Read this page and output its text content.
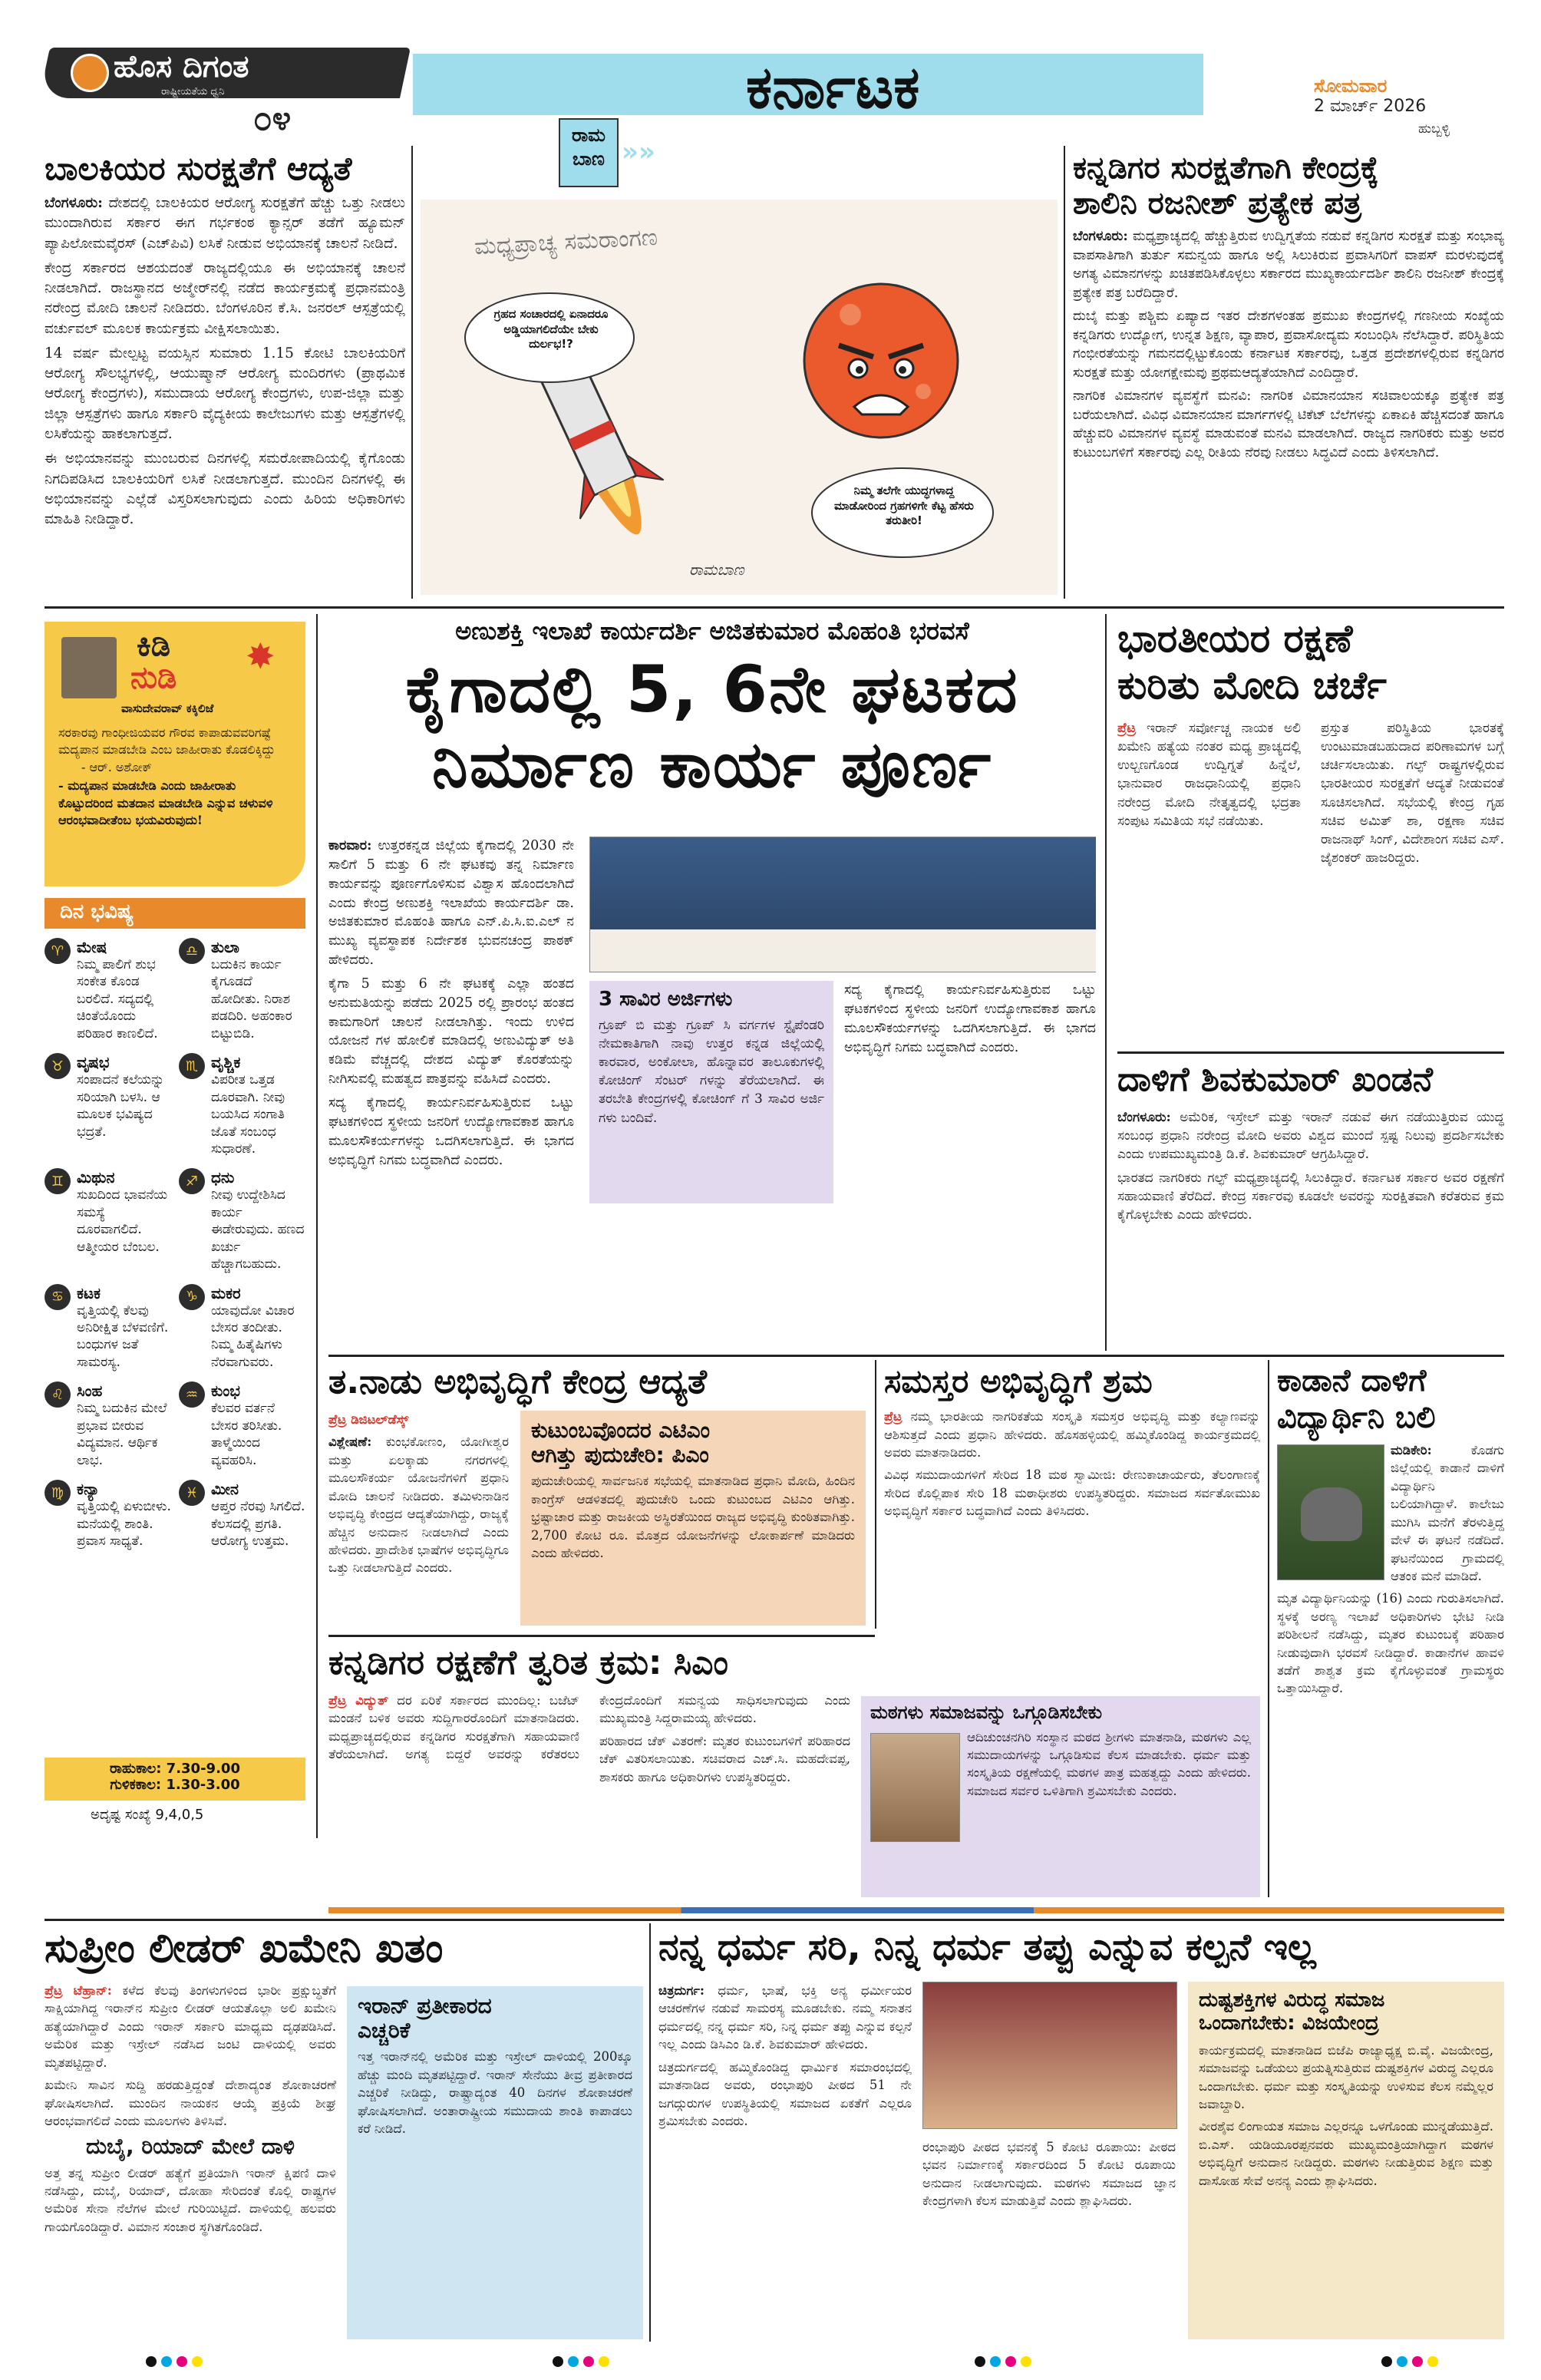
ಹೊಸ ದಿಗಂತ
ರಾಷ್ಟ್ರೀಯತೆಯ ಧ್ವನಿ
೦೪	ಕರ್ನಾಟಕ	ಸೋಮವಾರ
2 ಮಾರ್ಚ್ 2026
ಹುಬ್ಬಳ್ಳಿ
ಬಾಲಕಿಯರ ಸುರಕ್ಷತೆಗೆ ಆದ್ಯತೆ

ಬೆಂಗಳೂರು: ದೇಶದಲ್ಲಿ ಬಾಲಕಿಯರ ಆರೋಗ್ಯ ಸುರಕ್ಷತೆಗೆ ಹೆಚ್ಚು ಒತ್ತು ನೀಡಲು ಮುಂದಾಗಿರುವ ಸರ್ಕಾರ ಈಗ ಗರ್ಭಕಂಠ ಕ್ಯಾನ್ಸರ್ ತಡೆಗೆ ಹ್ಯೂಮನ್ ಪ್ಯಾಪಿಲೋಮವೈರಸ್ (ಎಚ್‌ಪಿವಿ) ಲಸಿಕೆ ನೀಡುವ ಅಭಿಯಾನಕ್ಕೆ ಚಾಲನೆ ನೀಡಿದೆ.

ಕೇಂದ್ರ ಸರ್ಕಾರದ ಆಶಯದಂತೆ ರಾಜ್ಯದಲ್ಲಿಯೂ ಈ ಅಭಿಯಾನಕ್ಕೆ ಚಾಲನೆ ನೀಡಲಾಗಿದೆ. ರಾಜಸ್ಥಾನದ ಅಜ್ಮೇರ್‌ನಲ್ಲಿ ನಡೆದ ಕಾರ್ಯಕ್ರಮಕ್ಕೆ ಪ್ರಧಾನಮಂತ್ರಿ ನರೇಂದ್ರ ಮೋದಿ ಚಾಲನೆ ನೀಡಿದರು. ಬೆಂಗಳೂರಿನ ಕೆ.ಸಿ. ಜನರಲ್ ಆಸ್ಪತ್ರೆಯಲ್ಲಿ ವರ್ಚುವಲ್ ಮೂಲಕ ಕಾರ್ಯಕ್ರಮ ವೀಕ್ಷಿಸಲಾಯಿತು.

14 ವರ್ಷ ಮೇಲ್ಪಟ್ಟ ವಯಸ್ಸಿನ ಸುಮಾರು 1.15 ಕೋಟಿ ಬಾಲಕಿಯರಿಗೆ ಆರೋಗ್ಯ ಸೌಲಭ್ಯಗಳಲ್ಲಿ, ಆಯುಷ್ಮಾನ್ ಆರೋಗ್ಯ ಮಂದಿರಗಳು (ಪ್ರಾಥಮಿಕ ಆರೋಗ್ಯ ಕೇಂದ್ರಗಳು), ಸಮುದಾಯ ಆರೋಗ್ಯ ಕೇಂದ್ರಗಳು, ಉಪ-ಜಿಲ್ಲಾ ಮತ್ತು ಜಿಲ್ಲಾ ಆಸ್ಪತ್ರೆಗಳು ಹಾಗೂ ಸರ್ಕಾರಿ ವೈದ್ಯಕೀಯ ಕಾಲೇಜುಗಳು ಮತ್ತು ಆಸ್ಪತ್ರೆಗಳಲ್ಲಿ ಲಸಿಕೆಯನ್ನು ಹಾಕಲಾಗುತ್ತದೆ.

ಈ ಅಭಿಯಾನವನ್ನು ಮುಂಬರುವ ದಿನಗಳಲ್ಲಿ ಸಮರೋಪಾದಿಯಲ್ಲಿ ಕೈಗೊಂಡು ನಿಗದಿಪಡಿಸಿದ ಬಾಲಕಿಯರಿಗೆ ಲಸಿಕೆ ನೀಡಲಾಗುತ್ತದೆ. ಮುಂದಿನ ದಿನಗಳಲ್ಲಿ ಈ ಅಭಿಯಾನವನ್ನು ಎಲ್ಲೆಡೆ ವಿಸ್ತರಿಸಲಾಗುವುದು ಎಂದು ಹಿರಿಯ ಅಧಿಕಾರಿಗಳು ಮಾಹಿತಿ ನೀಡಿದ್ದಾರೆ.

ರಾಮ
ಬಾಣ »»
ಮಧ್ಯಪ್ರಾಚ್ಯ ಸಮರಾಂಗಣ
ಗ್ರಹದ ಸಂಚಾರದಲ್ಲಿ ಏನಾದರೂ ಅಡ್ಡಿಯಾಗಲಿದೆಯೇ ಬೇಕು ದುರ್ಲಭ!?
ನಿಮ್ಮ ತಲೆಗೇ ಯುದ್ಧಗಳಾದ್ದ ಮಾಡೋರಿಂದ ಗ್ರಹಗಳಿಗೇ ಕೆಟ್ಟ ಹೆಸರು ತರುತೀರಿ!
ರಾಮಬಾಣ
ಕನ್ನಡಿಗರ ಸುರಕ್ಷತೆಗಾಗಿ ಕೇಂದ್ರಕ್ಕೆ
ಶಾಲಿನಿ ರಜನೀಶ್ ಪ್ರತ್ಯೇಕ ಪತ್ರ

ಬೆಂಗಳೂರು: ಮಧ್ಯಪ್ರಾಚ್ಯದಲ್ಲಿ ಹೆಚ್ಚುತ್ತಿರುವ ಉದ್ವಿಗ್ನತೆಯ ನಡುವೆ ಕನ್ನಡಿಗರ ಸುರಕ್ಷತೆ ಮತ್ತು ಸಂಭಾವ್ಯ ವಾಪಸಾತಿಗಾಗಿ ತುರ್ತು ಸಮನ್ವಯ ಹಾಗೂ ಅಲ್ಲಿ ಸಿಲುಕಿರುವ ಪ್ರವಾಸಿಗರಿಗೆ ವಾಪಸ್ ಮರಳುವುದಕ್ಕೆ ಅಗತ್ಯ ವಿಮಾನಗಳನ್ನು ಖಚಿತಪಡಿಸಿಕೊಳ್ಳಲು ಸರ್ಕಾರದ ಮುಖ್ಯಕಾರ್ಯದರ್ಶಿ ಶಾಲಿನಿ ರಜನೀಶ್ ಕೇಂದ್ರಕ್ಕೆ ಪ್ರತ್ಯೇಕ ಪತ್ರ ಬರೆದಿದ್ದಾರೆ.

ದುಬೈ ಮತ್ತು ಪಶ್ಚಿಮ ಏಷ್ಯಾದ ಇತರ ದೇಶಗಳಂತಹ ಪ್ರಮುಖ ಕೇಂದ್ರಗಳಲ್ಲಿ ಗಣನೀಯ ಸಂಖ್ಯೆಯ ಕನ್ನಡಿಗರು ಉದ್ಯೋಗ, ಉನ್ನತ ಶಿಕ್ಷಣ, ವ್ಯಾಪಾರ, ಪ್ರವಾಸೋದ್ಯಮ ಸಂಬಂಧಿಸಿ ನೆಲೆಸಿದ್ದಾರೆ. ಪರಿಸ್ಥಿತಿಯ ಗಂಭೀರತೆಯನ್ನು ಗಮನದಲ್ಲಿಟ್ಟುಕೊಂಡು ಕರ್ನಾಟಕ ಸರ್ಕಾರವು, ಒತ್ತಡ ಪ್ರದೇಶಗಳಲ್ಲಿರುವ ಕನ್ನಡಿಗರ ಸುರಕ್ಷತೆ ಮತ್ತು ಯೋಗಕ್ಷೇಮವು ಪ್ರಥಮಆದ್ಯತೆಯಾಗಿದೆ ಎಂದಿದ್ದಾರೆ.

ನಾಗರಿಕ ವಿಮಾನಗಳ ವ್ಯವಸ್ಥೆಗೆ ಮನವಿ: ನಾಗರಿಕ ವಿಮಾನಯಾನ ಸಚಿವಾಲಯಕ್ಕೂ ಪ್ರತ್ಯೇಕ ಪತ್ರ ಬರೆಯಲಾಗಿದೆ. ವಿವಿಧ ವಿಮಾನಯಾನ ಮಾರ್ಗಗಳಲ್ಲಿ ಟಿಕೆಟ್ ಬೆಲೆಗಳನ್ನು ಏಕಾಏಕಿ ಹೆಚ್ಚಿಸದಂತೆ ಹಾಗೂ ಹೆಚ್ಚುವರಿ ವಿಮಾನಗಳ ವ್ಯವಸ್ಥೆ ಮಾಡುವಂತೆ ಮನವಿ ಮಾಡಲಾಗಿದೆ. ರಾಜ್ಯದ ನಾಗರಿಕರು ಮತ್ತು ಅವರ ಕುಟುಂಬಗಳಿಗೆ ಸರ್ಕಾರವು ಎಲ್ಲ ರೀತಿಯ ನೆರವು ನೀಡಲು ಸಿದ್ಧವಿದೆ ಎಂದು ತಿಳಿಸಲಾಗಿದೆ.

ಕಿಡಿ
ನುಡಿ
✸
ವಾಸುದೇವರಾವ್ ಕಕ್ಕಿಲಿಜೆ
ಸರಕಾರವು ಗಾಂಧೀಜಿಯವರ ಗೌರವ ಕಾಪಾಡುವವರಿಗಷ್ಟೆ ಮದ್ಯಪಾನ ಮಾಡಬೇಡಿ ಎಂಬ ಜಾಹೀರಾತು ಕೊಡಲಿಕ್ಕಿದ್ದು
- ಆರ್. ಅಶೋಕ್
- ಮದ್ಯಪಾನ ಮಾಡಬೇಡಿ ಎಂದು ಜಾಹೀರಾತು ಕೊಟ್ಟುದರಿಂದ ಮತದಾನ ಮಾಡಬೇಡಿ ಎನ್ನುವ ಚಳುವಳಿ ಆರಂಭವಾದೀತೆಂಬ ಭಯವಿರುವುದು!
ದಿನ ಭವಿಷ್ಯ
♈ ಮೇಷ
ನಿಮ್ಮ ಪಾಲಿಗೆ ಶುಭ ಸಂಕೇತ ಕೊಂಡ ಬರಲಿದೆ. ಸದ್ಯದಲ್ಲಿ ಚಿಂತೆಯೊಂದು ಪರಿಹಾರ ಕಾಣಲಿದೆ.
♎ ತುಲಾ
ಬದುಕಿನ ಕಾರ್ಯ ಕೈಗೂಡದೆ ಹೋದೀತು. ನಿರಾಶ ಪಡದಿರಿ. ಅಹಂಕಾರ ಬಿಟ್ಟುಬಿಡಿ.
♉ ವೃಷಭ
ಸಂಪಾದನೆ ಕಲೆಯನ್ನು ಸರಿಯಾಗಿ ಬಳಸಿ. ಆ ಮೂಲಕ ಭವಿಷ್ಯದ ಭದ್ರತೆ.
♏ ವೃಶ್ಚಿಕ
ವಿಪರೀತ ಒತ್ತಡ ದೂರವಾಗಿ. ನೀವು ಬಯಸಿದ ಸಂಗಾತಿ ಜೊತೆ ಸಂಬಂಧ ಸುಧಾರಣೆ.
♊ ಮಿಥುನ
ಸುಖದಿಂದ ಭಾವನೆಯ ಸಮಸ್ಯೆ ದೂರವಾಗಲಿದೆ. ಆತ್ಮೀಯರ ಬೆಂಬಲ.
♐ ಧನು
ನೀವು ಉದ್ದೇಶಿಸಿದ ಕಾರ್ಯ ಈಡೇರುವುದು. ಹಣದ ಖರ್ಚು ಹೆಚ್ಚಾಗಬಹುದು.
♋ ಕಟಕ
ವೃತ್ತಿಯಲ್ಲಿ ಕೆಲವು ಅನಿರೀಕ್ಷಿತ ಬೆಳವಣಿಗೆ. ಬಂಧುಗಳ ಜತೆ ಸಾಮರಸ್ಯ.
♑ ಮಕರ
ಯಾವುದೋ ವಿಚಾರ ಬೇಸರ ತಂದೀತು. ನಿಮ್ಮ ಹಿತೈಷಿಗಳು ನೆರವಾಗುವರು.
♌ ಸಿಂಹ
ನಿಮ್ಮ ಬದುಕಿನ ಮೇಲೆ ಪ್ರಭಾವ ಬೀರುವ ವಿದ್ಯಮಾನ. ಆರ್ಥಿಕ ಲಾಭ.
♒ ಕುಂಭ
ಕೆಲವರ ವರ್ತನೆ ಬೇಸರ ತರಿಸೀತು. ತಾಳ್ಮೆಯಿಂದ ವ್ಯವಹರಿಸಿ.
♍ ಕನ್ಯಾ
ವೃತ್ತಿಯಲ್ಲಿ ಏಳುಬೀಳು. ಮನೆಯಲ್ಲಿ ಶಾಂತಿ. ಪ್ರವಾಸ ಸಾಧ್ಯತೆ.
♓ ಮೀನ
ಆಪ್ತರ ನೆರವು ಸಿಗಲಿದೆ. ಕೆಲಸದಲ್ಲಿ ಪ್ರಗತಿ. ಆರೋಗ್ಯ ಉತ್ತಮ.
ರಾಹುಕಾಲ: 7.30-9.00
ಗುಳಿಕಕಾಲ: 1.30-3.00
ಅದೃಷ್ಟ ಸಂಖ್ಯೆ 9,4,0,5
ಅಣುಶಕ್ತಿ ಇಲಾಖೆ ಕಾರ್ಯದರ್ಶಿ ಅಜಿತಕುಮಾರ ಮೊಹಂತಿ ಭರವಸೆ
ಕೈಗಾದಲ್ಲಿ 5, 6ನೇ ಘಟಕದ
ನಿರ್ಮಾಣ ಕಾರ್ಯ ಪೂರ್ಣ

ಕಾರವಾರ: ಉತ್ತರಕನ್ನಡ ಜಿಲ್ಲೆಯ ಕೈಗಾದಲ್ಲಿ 2030 ನೇ ಸಾಲಿಗೆ 5 ಮತ್ತು 6 ನೇ ಘಟಕವು ತನ್ನ ನಿರ್ಮಾಣ ಕಾರ್ಯವನ್ನು ಪೂರ್ಣಗೊಳಿಸುವ ವಿಶ್ವಾಸ ಹೊಂದಲಾಗಿದೆ ಎಂದು ಕೇಂದ್ರ ಅಣುಶಕ್ತಿ ಇಲಾಖೆಯ ಕಾರ್ಯದರ್ಶಿ ಡಾ. ಅಜಿತಕುಮಾರ ಮೊಹಂತಿ ಹಾಗೂ ಎನ್.ಪಿ.ಸಿ.ಐ.ಎಲ್ ನ ಮುಖ್ಯ ವ್ಯವಸ್ಥಾಪಕ ನಿರ್ದೇಶಕ ಭುವನಚಂದ್ರ ಪಾಠಕ್ ಹೇಳಿದರು.

ಕೈಗಾ 5 ಮತ್ತು 6 ನೇ ಘಟಕಕ್ಕೆ ಎಲ್ಲಾ ಹಂತದ ಅನುಮತಿಯನ್ನು ಪಡೆದು 2025 ರಲ್ಲಿ ಪ್ರಾರಂಭ ಹಂತದ ಕಾಮಗಾರಿಗೆ ಚಾಲನೆ ನೀಡಲಾಗಿತ್ತು. ಇಂದು ಉಳಿದ ಯೋಜನೆ ಗಳ ಹೋಲಿಕೆ ಮಾಡಿದಲ್ಲಿ ಅಣುವಿದ್ಯುತ್ ಅತಿ ಕಡಿಮೆ ವೆಚ್ಚದಲ್ಲಿ ದೇಶದ ವಿದ್ಯುತ್ ಕೊರತೆಯನ್ನು ನೀಗಿಸುವಲ್ಲಿ ಮಹತ್ವದ ಪಾತ್ರವನ್ನು ವಹಿಸಿದೆ ಎಂದರು.

ಸದ್ಯ ಕೈಗಾದಲ್ಲಿ ಕಾರ್ಯನಿರ್ವಹಿಸುತ್ತಿರುವ ಒಟ್ಟು ಘಟಕಗಳಿಂದ ಸ್ಥಳೀಯ ಜನರಿಗೆ ಉದ್ಯೋಗಾವಕಾಶ ಹಾಗೂ ಮೂಲಸೌಕರ್ಯಗಳನ್ನು ಒದಗಿಸಲಾಗುತ್ತಿದೆ. ಈ ಭಾಗದ ಅಭಿವೃದ್ಧಿಗೆ ನಿಗಮ ಬದ್ಧವಾಗಿದೆ ಎಂದರು.

3 ಸಾವಿರ ಅರ್ಜಿಗಳು
ಗ್ರೂಪ್ ಬಿ ಮತ್ತು ಗ್ರೂಪ್ ಸಿ ವರ್ಗಗಳ ಸ್ಟೈಪೆಂಡರಿ ನೇಮಕಾತಿಗಾಗಿ ನಾವು ಉತ್ತರ ಕನ್ನಡ ಜಿಲ್ಲೆಯಲ್ಲಿ ಕಾರವಾರ, ಅಂಕೋಲಾ, ಹೊನ್ನಾವರ ತಾಲೂಕುಗಳಲ್ಲಿ ಕೋಚಿಂಗ್ ಸೆಂಟರ್ ಗಳನ್ನು ತೆರೆಯಲಾಗಿದೆ. ಈ ತರಬೇತಿ ಕೇಂದ್ರಗಳಲ್ಲಿ ಕೋಚಿಂಗ್ ಗೆ 3 ಸಾವಿರ ಅರ್ಜಿ ಗಳು ಬಂದಿವೆ.
ಸದ್ಯ ಕೈಗಾದಲ್ಲಿ ಕಾರ್ಯನಿರ್ವಹಿಸುತ್ತಿರುವ ಒಟ್ಟು ಘಟಕಗಳಿಂದ ಸ್ಥಳೀಯ ಜನರಿಗೆ ಉದ್ಯೋಗಾವಕಾಶ ಹಾಗೂ ಮೂಲಸೌಕರ್ಯಗಳನ್ನು ಒದಗಿಸಲಾಗುತ್ತಿದೆ. ಈ ಭಾಗದ ಅಭಿವೃದ್ಧಿಗೆ ನಿಗಮ ಬದ್ಧವಾಗಿದೆ ಎಂದರು.
ಭಾರತೀಯರ ರಕ್ಷಣೆ
ಕುರಿತು ಮೋದಿ ಚರ್ಚೆ

ಪ್ರೆಟ್ರ ಇರಾನ್ ಸರ್ವೋಚ್ಚ ನಾಯಕ ಅಲಿ ಖಮೇನಿ ಹತ್ಯೆಯ ನಂತರ ಮಧ್ಯ ಪ್ರಾಚ್ಯದಲ್ಲಿ ಉಲ್ಬಣಗೊಂಡ ಉದ್ವಿಗ್ನತೆ ಹಿನ್ನೆಲೆ, ಭಾನುವಾರ ರಾಜಧಾನಿಯಲ್ಲಿ ಪ್ರಧಾನಿ ನರೇಂದ್ರ ಮೋದಿ ನೇತೃತ್ವದಲ್ಲಿ ಭದ್ರತಾ ಸಂಪುಟ ಸಮಿತಿಯ ಸಭೆ ನಡೆಯಿತು.

ಪ್ರಸ್ತುತ ಪರಿಸ್ಥಿತಿಯ ಭಾರತಕ್ಕೆ ಉಂಟುಮಾಡಬಹುದಾದ ಪರಿಣಾಮಗಳ ಬಗ್ಗೆ ಚರ್ಚಿಸಲಾಯಿತು. ಗಲ್ಫ್ ರಾಷ್ಟ್ರಗಳಲ್ಲಿರುವ ಭಾರತೀಯರ ಸುರಕ್ಷತೆಗೆ ಆದ್ಯತೆ ನೀಡುವಂತೆ ಸೂಚಿಸಲಾಗಿದೆ. ಸಭೆಯಲ್ಲಿ ಕೇಂದ್ರ ಗೃಹ ಸಚಿವ ಅಮಿತ್ ಶಾ, ರಕ್ಷಣಾ ಸಚಿವ ರಾಜನಾಥ್ ಸಿಂಗ್, ವಿದೇಶಾಂಗ ಸಚಿವ ಎಸ್. ಜೈಶಂಕರ್ ಹಾಜರಿದ್ದರು.

ದಾಳಿಗೆ ಶಿವಕುಮಾರ್ ಖಂಡನೆ

ಬೆಂಗಳೂರು: ಅಮೆರಿಕ, ಇಸ್ರೇಲ್ ಮತ್ತು ಇರಾನ್ ನಡುವೆ ಈಗ ನಡೆಯುತ್ತಿರುವ ಯುದ್ಧ ಸಂಬಂಧ ಪ್ರಧಾನಿ ನರೇಂದ್ರ ಮೋದಿ ಅವರು ವಿಶ್ವದ ಮುಂದೆ ಸ್ಪಷ್ಟ ನಿಲುವು ಪ್ರದರ್ಶಿಸಬೇಕು ಎಂದು ಉಪಮುಖ್ಯಮಂತ್ರಿ ಡಿ.ಕೆ. ಶಿವಕುಮಾರ್ ಆಗ್ರಹಿಸಿದ್ದಾರೆ.

ಭಾರತದ ನಾಗರಿಕರು ಗಲ್ಫ್ ಮಧ್ಯಪ್ರಾಚ್ಯದಲ್ಲಿ ಸಿಲುಕಿದ್ದಾರೆ. ಕರ್ನಾಟಕ ಸರ್ಕಾರ ಅವರ ರಕ್ಷಣೆಗೆ ಸಹಾಯವಾಣಿ ತೆರೆದಿದೆ. ಕೇಂದ್ರ ಸರ್ಕಾರವು ಕೂಡಲೇ ಅವರನ್ನು ಸುರಕ್ಷಿತವಾಗಿ ಕರೆತರುವ ಕ್ರಮ ಕೈಗೊಳ್ಳಬೇಕು ಎಂದು ಹೇಳಿದರು.

ತ.ನಾಡು ಅಭಿವೃದ್ಧಿಗೆ ಕೇಂದ್ರ ಆದ್ಯತೆ

ಪ್ರೆಟ್ರ ಡಿಜಿಟಲ್‌ಡೆಸ್ಕ್

ವಿಶ್ಲೇಷಣೆ: ಕುಂಭಕೋಣಂ, ಯೋಗೀಶ್ವರ ಮತ್ತು ಏಲಕ್ಕಾಡು ನಗರಗಳಲ್ಲಿ ಮೂಲಸೌಕರ್ಯ ಯೋಜನೆಗಳಿಗೆ ಪ್ರಧಾನಿ ಮೋದಿ ಚಾಲನೆ ನೀಡಿದರು. ತಮಿಳುನಾಡಿನ ಅಭಿವೃದ್ಧಿ ಕೇಂದ್ರದ ಆದ್ಯತೆಯಾಗಿದ್ದು, ರಾಜ್ಯಕ್ಕೆ ಹೆಚ್ಚಿನ ಅನುದಾನ ನೀಡಲಾಗಿದೆ ಎಂದು ಹೇಳಿದರು. ಪ್ರಾದೇಶಿಕ ಭಾಷೆಗಳ ಅಭಿವೃದ್ಧಿಗೂ ಒತ್ತು ನೀಡಲಾಗುತ್ತಿದೆ ಎಂದರು.

ಕುಟುಂಬವೊಂದರ ಎಟಿಎಂ
ಆಗಿತ್ತು ಪುದುಚೇರಿ: ಪಿಎಂ
ಪುದುಚೇರಿಯಲ್ಲಿ ಸಾರ್ವಜನಿಕ ಸಭೆಯಲ್ಲಿ ಮಾತನಾಡಿದ ಪ್ರಧಾನಿ ಮೋದಿ, ಹಿಂದಿನ ಕಾಂಗ್ರೆಸ್ ಆಡಳಿತದಲ್ಲಿ ಪುದುಚೇರಿ ಒಂದು ಕುಟುಂಬದ ಎಟಿಎಂ ಆಗಿತ್ತು. ಭ್ರಷ್ಟಾಚಾರ ಮತ್ತು ರಾಜಕೀಯ ಅಸ್ಥಿರತೆಯಿಂದ ರಾಜ್ಯದ ಅಭಿವೃದ್ಧಿ ಕುಂಠಿತವಾಗಿತ್ತು. 2,700 ಕೋಟಿ ರೂ. ಮೊತ್ತದ ಯೋಜನೆಗಳನ್ನು ಲೋಕಾರ್ಪಣೆ ಮಾಡಿದರು ಎಂದು ಹೇಳಿದರು.
ಸಮಸ್ತರ ಅಭಿವೃದ್ಧಿಗೆ ಶ್ರಮ

ಪ್ರೆಟ್ರ ನಮ್ಮ ಭಾರತೀಯ ನಾಗರಿಕತೆಯ ಸಂಸ್ಕೃತಿ ಸಮಸ್ತರ ಅಭಿವೃದ್ಧಿ ಮತ್ತು ಕಲ್ಯಾಣವನ್ನು ಆಶಿಸುತ್ತದೆ ಎಂದು ಪ್ರಧಾನಿ ಹೇಳಿದರು. ಹೊಸಹಳ್ಳಿಯಲ್ಲಿ ಹಮ್ಮಿಕೊಂಡಿದ್ದ ಕಾರ್ಯಕ್ರಮದಲ್ಲಿ ಅವರು ಮಾತನಾಡಿದರು.

ವಿವಿಧ ಸಮುದಾಯಗಳಿಗೆ ಸೇರಿದ 18 ಮಠ ಸ್ವಾಮೀಜಿ: ರೇಣುಕಾಚಾರ್ಯರು, ತೆಲಂಗಾಣಕ್ಕೆ ಸೇರಿದ ಕೊಲ್ಲಿಪಾಕ ಸೇರಿ 18 ಮಠಾಧೀಶರು ಉಪಸ್ಥಿತರಿದ್ದರು. ಸಮಾಜದ ಸರ್ವತೋಮುಖ ಅಭಿವೃದ್ಧಿಗೆ ಸರ್ಕಾರ ಬದ್ಧವಾಗಿದೆ ಎಂದು ತಿಳಿಸಿದರು.

ಕಾಡಾನೆ ದಾಳಿಗೆ
ವಿದ್ಯಾರ್ಥಿನಿ ಬಲಿ

ಮಡಿಕೇರಿ:	ಕೊಡಗು ಜಿಲ್ಲೆಯಲ್ಲಿ ಕಾಡಾನೆ ದಾಳಿಗೆ ವಿದ್ಯಾರ್ಥಿನಿ ಬಲಿಯಾಗಿದ್ದಾಳೆ. ಕಾಲೇಜು ಮುಗಿಸಿ ಮನೆಗೆ ತೆರಳುತ್ತಿದ್ದ ವೇಳೆ ಈ ಘಟನೆ ನಡೆದಿದೆ. ಘಟನೆಯಿಂದ ಗ್ರಾಮದಲ್ಲಿ ಆತಂಕ ಮನೆ ಮಾಡಿದೆ.

ಮೃತ ವಿದ್ಯಾರ್ಥಿನಿಯನ್ನು (16) ಎಂದು ಗುರುತಿಸಲಾಗಿದೆ. ಸ್ಥಳಕ್ಕೆ ಅರಣ್ಯ ಇಲಾಖೆ ಅಧಿಕಾರಿಗಳು ಭೇಟಿ ನೀಡಿ ಪರಿಶೀಲನೆ ನಡೆಸಿದ್ದು, ಮೃತರ ಕುಟುಂಬಕ್ಕೆ ಪರಿಹಾರ ನೀಡುವುದಾಗಿ ಭರವಸೆ ನೀಡಿದ್ದಾರೆ. ಕಾಡಾನೆಗಳ ಹಾವಳಿ ತಡೆಗೆ ಶಾಶ್ವತ ಕ್ರಮ ಕೈಗೊಳ್ಳುವಂತೆ ಗ್ರಾಮಸ್ಥರು ಒತ್ತಾಯಿಸಿದ್ದಾರೆ.

ಕನ್ನಡಿಗರ ರಕ್ಷಣೆಗೆ ತ್ವರಿತ ಕ್ರಮ: ಸಿಎಂ

ಪ್ರೆಟ್ರ ವಿದ್ಯುತ್ ದರ ಏರಿಕೆ ಸರ್ಕಾರದ ಮುಂದಿಲ್ಲ: ಬಜೆಟ್ ಮಂಡನೆ ಬಳಿಕ ಅವರು ಸುದ್ದಿಗಾರರೊಂದಿಗೆ ಮಾತನಾಡಿದರು. ಮಧ್ಯಪ್ರಾಚ್ಯದಲ್ಲಿರುವ ಕನ್ನಡಿಗರ ಸುರಕ್ಷತೆಗಾಗಿ ಸಹಾಯವಾಣಿ ತೆರೆಯಲಾಗಿದೆ. ಅಗತ್ಯ ಬಿದ್ದರೆ ಅವರನ್ನು ಕರೆತರಲು ಕೇಂದ್ರದೊಂದಿಗೆ ಸಮನ್ವಯ ಸಾಧಿಸಲಾಗುವುದು ಎಂದು ಮುಖ್ಯಮಂತ್ರಿ ಸಿದ್ದರಾಮಯ್ಯ ಹೇಳಿದರು.

ಪರಿಹಾರದ ಚೆಕ್ ವಿತರಣೆ: ಮೃತರ ಕುಟುಂಬಗಳಿಗೆ ಪರಿಹಾರದ ಚೆಕ್ ವಿತರಿಸಲಾಯಿತು. ಸಚಿವರಾದ ಎಚ್.ಸಿ. ಮಹದೇವಪ್ಪ, ಶಾಸಕರು ಹಾಗೂ ಅಧಿಕಾರಿಗಳು ಉಪಸ್ಥಿತರಿದ್ದರು.

ಮಠಗಳು ಸಮಾಜವನ್ನು ಒಗ್ಗೂಡಿಸಬೇಕು
ಆದಿಚುಂಚನಗಿರಿ ಸಂಸ್ಥಾನ ಮಠದ ಶ್ರೀಗಳು ಮಾತನಾಡಿ, ಮಠಗಳು ಎಲ್ಲ ಸಮುದಾಯಗಳನ್ನು ಒಗ್ಗೂಡಿಸುವ ಕೆಲಸ ಮಾಡಬೇಕು. ಧರ್ಮ ಮತ್ತು ಸಂಸ್ಕೃತಿಯ ರಕ್ಷಣೆಯಲ್ಲಿ ಮಠಗಳ ಪಾತ್ರ ಮಹತ್ವದ್ದು ಎಂದು ಹೇಳಿದರು. ಸಮಾಜದ ಸರ್ವರ ಒಳಿತಿಗಾಗಿ ಶ್ರಮಿಸಬೇಕು ಎಂದರು.
ಸುಪ್ರೀಂ ಲೀಡರ್ ಖಮೇನಿ ಖತಂ

ಪ್ರೆಟ್ರ ಟೆಹ್ರಾನ್: ಕಳೆದ ಕೆಲವು ತಿಂಗಳುಗಳಿಂದ ಭಾರೀ ಪ್ರಕ್ಷುಬ್ಧತೆಗೆ ಸಾಕ್ಷಿಯಾಗಿದ್ದ ಇರಾನ್‌ನ ಸುಪ್ರೀಂ ಲೀಡರ್ ಆಯತೊಲ್ಲಾ ಅಲಿ ಖಮೇನಿ ಹತ್ಯೆಯಾಗಿದ್ದಾರೆ ಎಂದು ಇರಾನ್ ಸರ್ಕಾರಿ ಮಾಧ್ಯಮ ದೃಢಪಡಿಸಿದೆ. ಅಮೆರಿಕ ಮತ್ತು ಇಸ್ರೇಲ್ ನಡೆಸಿದ ಜಂಟಿ ದಾಳಿಯಲ್ಲಿ ಅವರು ಮೃತಪಟ್ಟಿದ್ದಾರೆ.

ಖಮೇನಿ ಸಾವಿನ ಸುದ್ದಿ ಹರಡುತ್ತಿದ್ದಂತೆ ದೇಶಾದ್ಯಂತ ಶೋಕಾಚರಣೆ ಘೋಷಿಸಲಾಗಿದೆ. ಮುಂದಿನ ನಾಯಕನ ಆಯ್ಕೆ ಪ್ರಕ್ರಿಯೆ ಶೀಘ್ರ ಆರಂಭವಾಗಲಿದೆ ಎಂದು ಮೂಲಗಳು ತಿಳಿಸಿವೆ.

ದುಬೈ, ರಿಯಾದ್ ಮೇಲೆ ದಾಳಿ

ಅತ್ತ ತನ್ನ ಸುಪ್ರೀಂ ಲೀಡರ್ ಹತ್ಯೆಗೆ ಪ್ರತಿಯಾಗಿ ಇರಾನ್ ಕ್ಷಿಪಣಿ ದಾಳಿ ನಡೆಸಿದ್ದು, ದುಬೈ, ರಿಯಾದ್, ದೋಹಾ ಸೇರಿದಂತೆ ಕೊಲ್ಲಿ ರಾಷ್ಟ್ರಗಳ ಅಮೆರಿಕ ಸೇನಾ ನೆಲೆಗಳ ಮೇಲೆ ಗುರಿಯಿಟ್ಟಿದೆ. ದಾಳಿಯಲ್ಲಿ ಹಲವರು ಗಾಯಗೊಂಡಿದ್ದಾರೆ. ವಿಮಾನ ಸಂಚಾರ ಸ್ಥಗಿತಗೊಂಡಿದೆ.

ಇರಾನ್ ಪ್ರತೀಕಾರದ
ಎಚ್ಚರಿಕೆ
ಇತ್ತ ಇರಾನ್‌ನಲ್ಲಿ ಅಮೆರಿಕ ಮತ್ತು ಇಸ್ರೇಲ್ ದಾಳಿಯಲ್ಲಿ 200ಕ್ಕೂ ಹೆಚ್ಚು ಮಂದಿ ಮೃತಪಟ್ಟಿದ್ದಾರೆ. ಇರಾನ್ ಸೇನೆಯು ತೀವ್ರ ಪ್ರತೀಕಾರದ ಎಚ್ಚರಿಕೆ ನೀಡಿದ್ದು, ರಾಷ್ಟ್ರಾದ್ಯಂತ 40 ದಿನಗಳ ಶೋಕಾಚರಣೆ ಘೋಷಿಸಲಾಗಿದೆ. ಅಂತಾರಾಷ್ಟ್ರೀಯ ಸಮುದಾಯ ಶಾಂತಿ ಕಾಪಾಡಲು ಕರೆ ನೀಡಿದೆ.
ನನ್ನ ಧರ್ಮ ಸರಿ, ನಿನ್ನ ಧರ್ಮ ತಪ್ಪು ಎನ್ನುವ ಕಲ್ಪನೆ ಇಲ್ಲ

ಚಿತ್ರದುರ್ಗ: ಧರ್ಮ, ಭಾಷೆ, ಭಕ್ತಿ ಅನ್ಯ ಧರ್ಮೀಯರ ಆಚರಣೆಗಳ ನಡುವೆ ಸಾಮರಸ್ಯ ಮೂಡಬೇಕು. ನಮ್ಮ ಸನಾತನ ಧರ್ಮದಲ್ಲಿ ನನ್ನ ಧರ್ಮ ಸರಿ, ನಿನ್ನ ಧರ್ಮ ತಪ್ಪು ಎನ್ನುವ ಕಲ್ಪನೆ ಇಲ್ಲ ಎಂದು ಡಿಸಿಎಂ ಡಿ.ಕೆ. ಶಿವಕುಮಾರ್ ಹೇಳಿದರು.

ಚಿತ್ರದುರ್ಗದಲ್ಲಿ ಹಮ್ಮಿಕೊಂಡಿದ್ದ ಧಾರ್ಮಿಕ ಸಮಾರಂಭದಲ್ಲಿ ಮಾತನಾಡಿದ ಅವರು, ರಂಭಾಪುರಿ ಪೀಠದ 51 ನೇ ಜಗದ್ಗುರುಗಳ ಉಪಸ್ಥಿತಿಯಲ್ಲಿ ಸಮಾಜದ ಏಕತೆಗೆ ಎಲ್ಲರೂ ಶ್ರಮಿಸಬೇಕು ಎಂದರು.

ರಂಭಾಪುರಿ ಪೀಠದ ಭವನಕ್ಕೆ 5 ಕೋಟಿ ರೂಪಾಯಿ: ಪೀಠದ ಭವನ ನಿರ್ಮಾಣಕ್ಕೆ ಸರ್ಕಾರದಿಂದ 5 ಕೋಟಿ ರೂಪಾಯಿ ಅನುದಾನ ನೀಡಲಾಗುವುದು. ಮಠಗಳು ಸಮಾಜದ ಜ್ಞಾನ ಕೇಂದ್ರಗಳಾಗಿ ಕೆಲಸ ಮಾಡುತ್ತಿವೆ ಎಂದು ಶ್ಲಾಘಿಸಿದರು.

ದುಷ್ಟಶಕ್ತಿಗಳ ವಿರುದ್ಧ ಸಮಾಜ
ಒಂದಾಗಬೇಕು: ವಿಜಯೇಂದ್ರ

ಕಾರ್ಯಕ್ರಮದಲ್ಲಿ ಮಾತನಾಡಿದ ಬಿಜೆಪಿ ರಾಜ್ಯಾಧ್ಯಕ್ಷ ಬಿ.ವೈ. ವಿಜಯೇಂದ್ರ, ಸಮಾಜವನ್ನು ಒಡೆಯಲು ಪ್ರಯತ್ನಿಸುತ್ತಿರುವ ದುಷ್ಟಶಕ್ತಿಗಳ ವಿರುದ್ಧ ಎಲ್ಲರೂ ಒಂದಾಗಬೇಕು. ಧರ್ಮ ಮತ್ತು ಸಂಸ್ಕೃತಿಯನ್ನು ಉಳಿಸುವ ಕೆಲಸ ನಮ್ಮೆಲ್ಲರ ಜವಾಬ್ದಾರಿ.

ವೀರಶೈವ ಲಿಂಗಾಯತ ಸಮಾಜ ಎಲ್ಲರನ್ನೂ ಒಳಗೊಂಡು ಮುನ್ನಡೆಯುತ್ತಿದೆ. ಬಿ.ಎಸ್. ಯಡಿಯೂರಪ್ಪನವರು ಮುಖ್ಯಮಂತ್ರಿಯಾಗಿದ್ದಾಗ ಮಠಗಳ ಅಭಿವೃದ್ಧಿಗೆ ಅನುದಾನ ನೀಡಿದ್ದರು. ಮಠಗಳು ನೀಡುತ್ತಿರುವ ಶಿಕ್ಷಣ ಮತ್ತು ದಾಸೋಹ ಸೇವೆ ಅನನ್ಯ ಎಂದು ಶ್ಲಾಘಿಸಿದರು.
